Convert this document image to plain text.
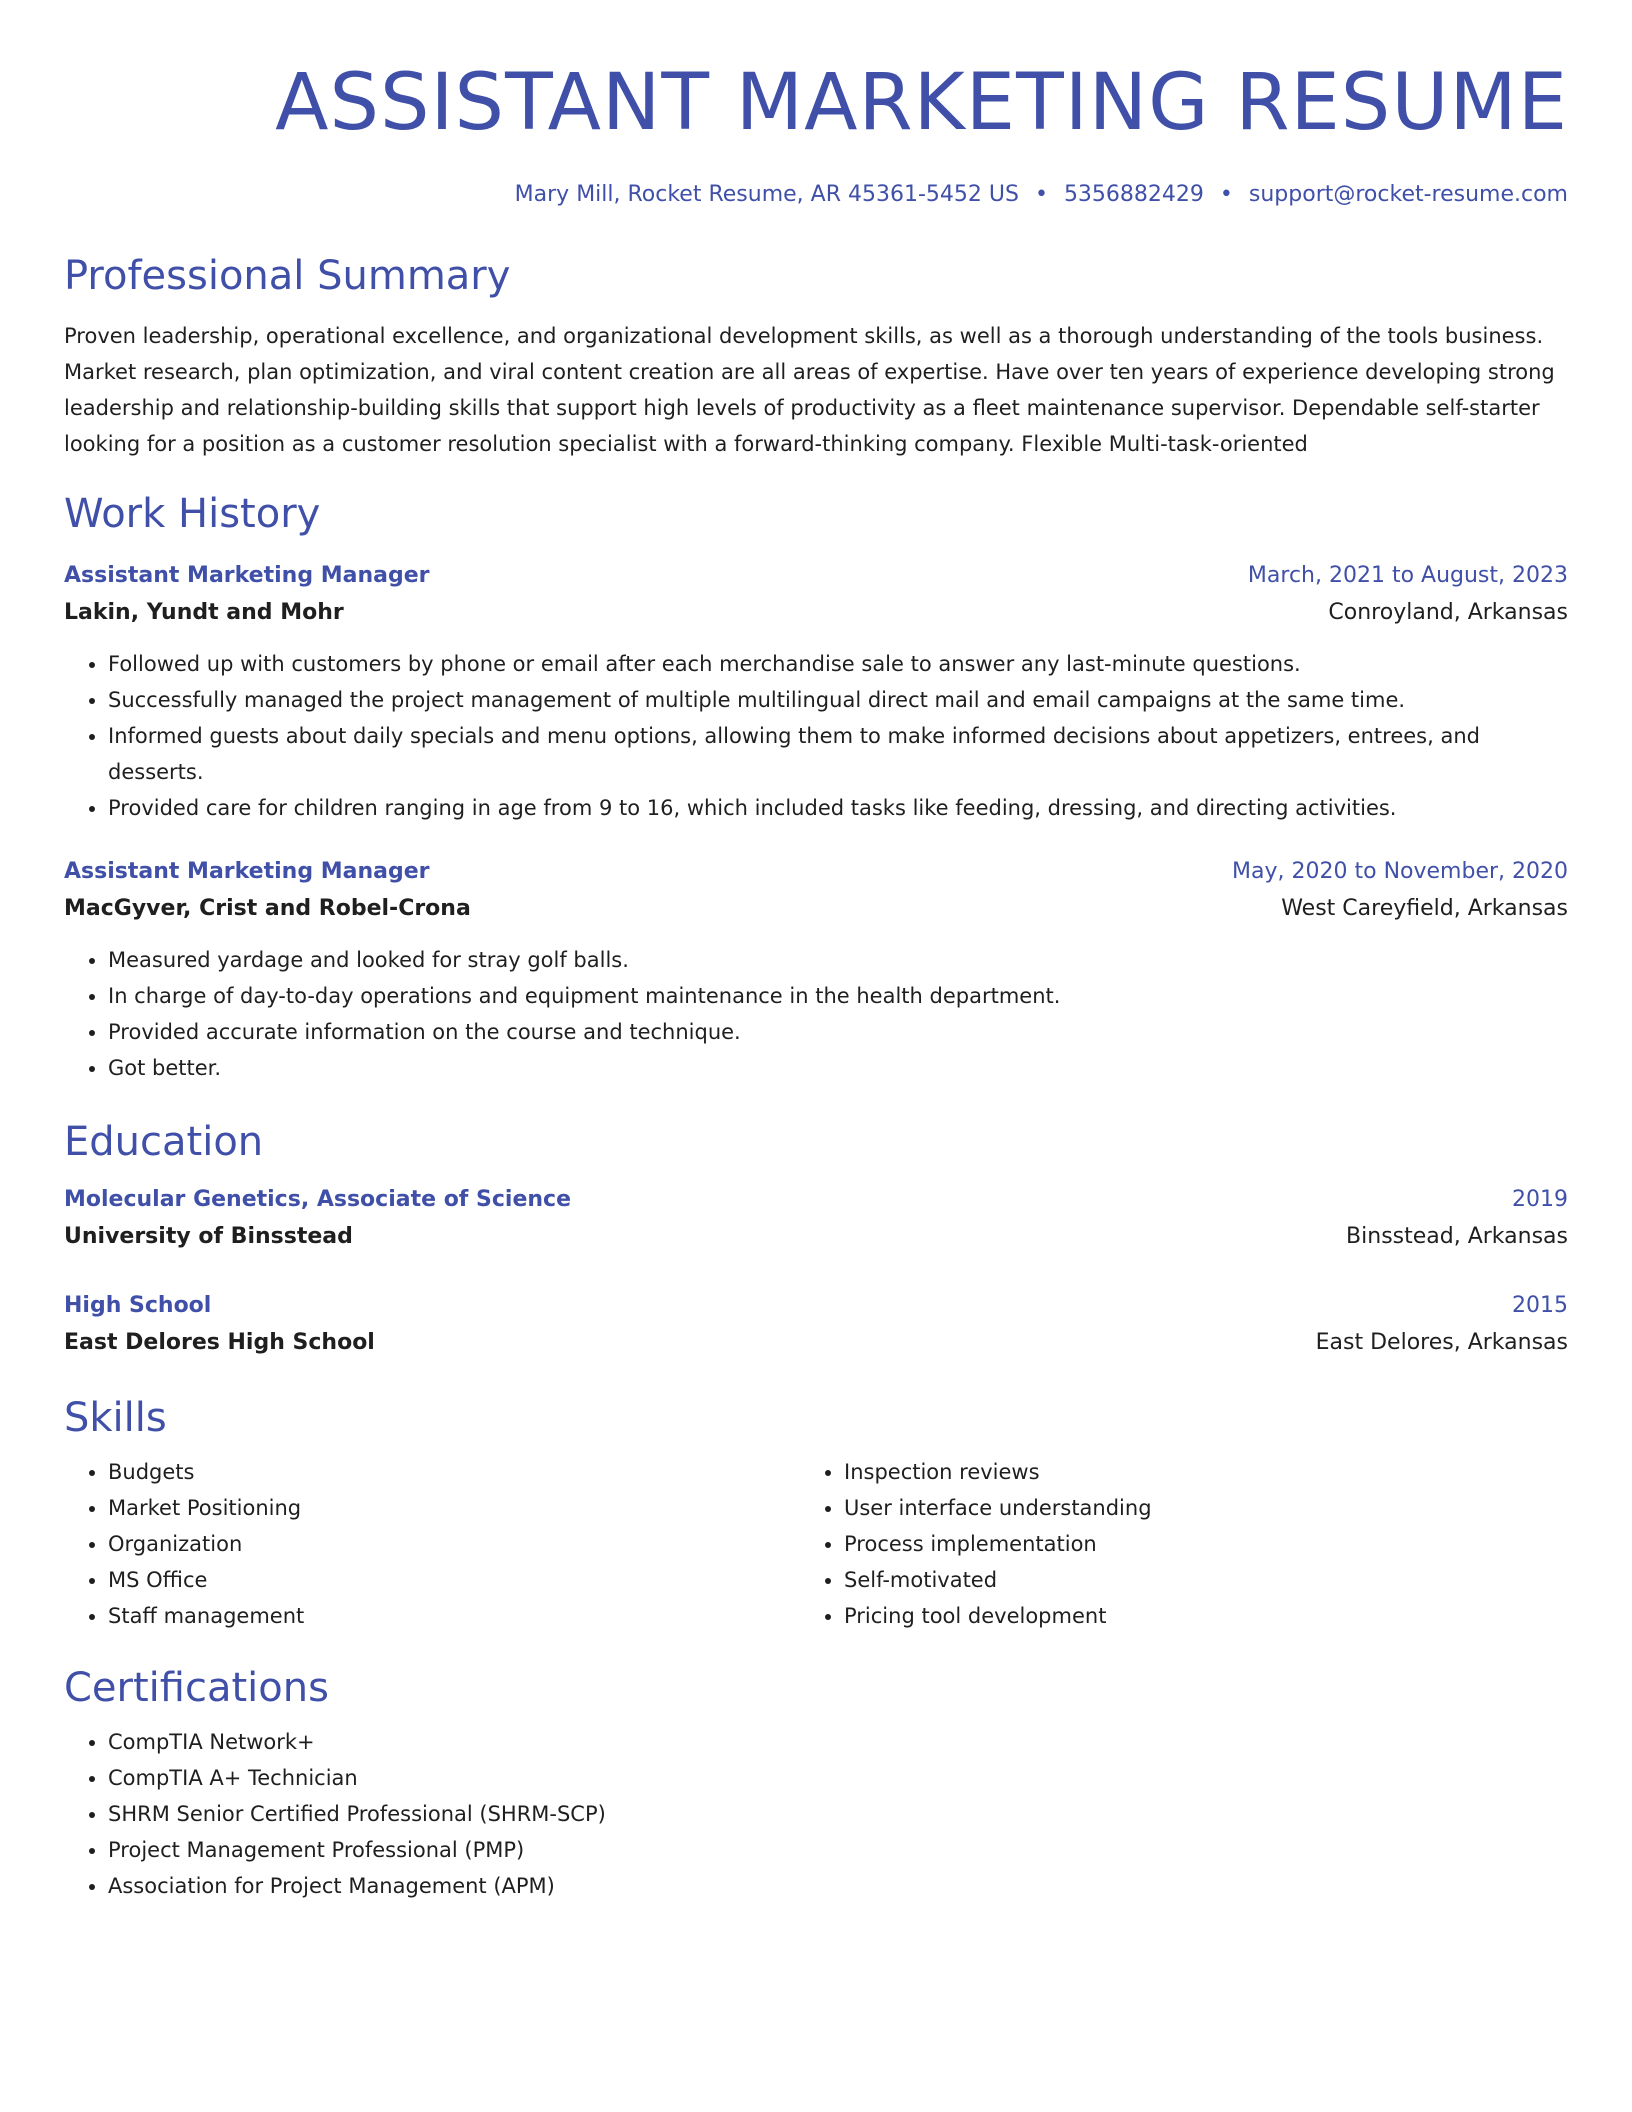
ASSISTANT MARKETING RESUME
Mary Mill, Rocket Resume, AR 45361-5452 US • 5356882429 • support@rocket-resume.com
Professional Summary

Proven leadership, operational excellence, and organizational development skills, as well as a thorough understanding of the tools business. Market research, plan optimization, and viral content creation are all areas of expertise. Have over ten years of experience developing strong leadership and relationship-building skills that support high levels of productivity as a fleet maintenance supervisor. Dependable self-starter looking for a position as a customer resolution specialist with a forward-thinking company. Flexible Multi-task-oriented

Work History
Assistant Marketing Manager	March, 2021 to August, 2023
Lakin, Yundt and Mohr	Conroyland, Arkansas
• Followed up with customers by phone or email after each merchandise sale to answer any last-minute questions.
• Successfully managed the project management of multiple multilingual direct mail and email campaigns at the same time.
• Informed guests about daily specials and menu options, allowing them to make informed decisions about appetizers, entrees, and desserts.
• Provided care for children ranging in age from 9 to 16, which included tasks like feeding, dressing, and directing activities.
Assistant Marketing Manager	May, 2020 to November, 2020
MacGyver, Crist and Robel-Crona	West Careyfield, Arkansas
• Measured yardage and looked for stray golf balls.
• In charge of day-to-day operations and equipment maintenance in the health department.
• Provided accurate information on the course and technique.
• Got better.
Education
Molecular Genetics, Associate of Science	2019
University of Binsstead	Binsstead, Arkansas
High School	2015
East Delores High School	East Delores, Arkansas
Skills
• Budgets
• Market Positioning
• Organization
• MS Office
• Staff management
• Inspection reviews
• User interface understanding
• Process implementation
• Self-motivated
• Pricing tool development
Certifications
• CompTIA Network+
• CompTIA A+ Technician
• SHRM Senior Certified Professional (SHRM-SCP)
• Project Management Professional (PMP)
• Association for Project Management (APM)
